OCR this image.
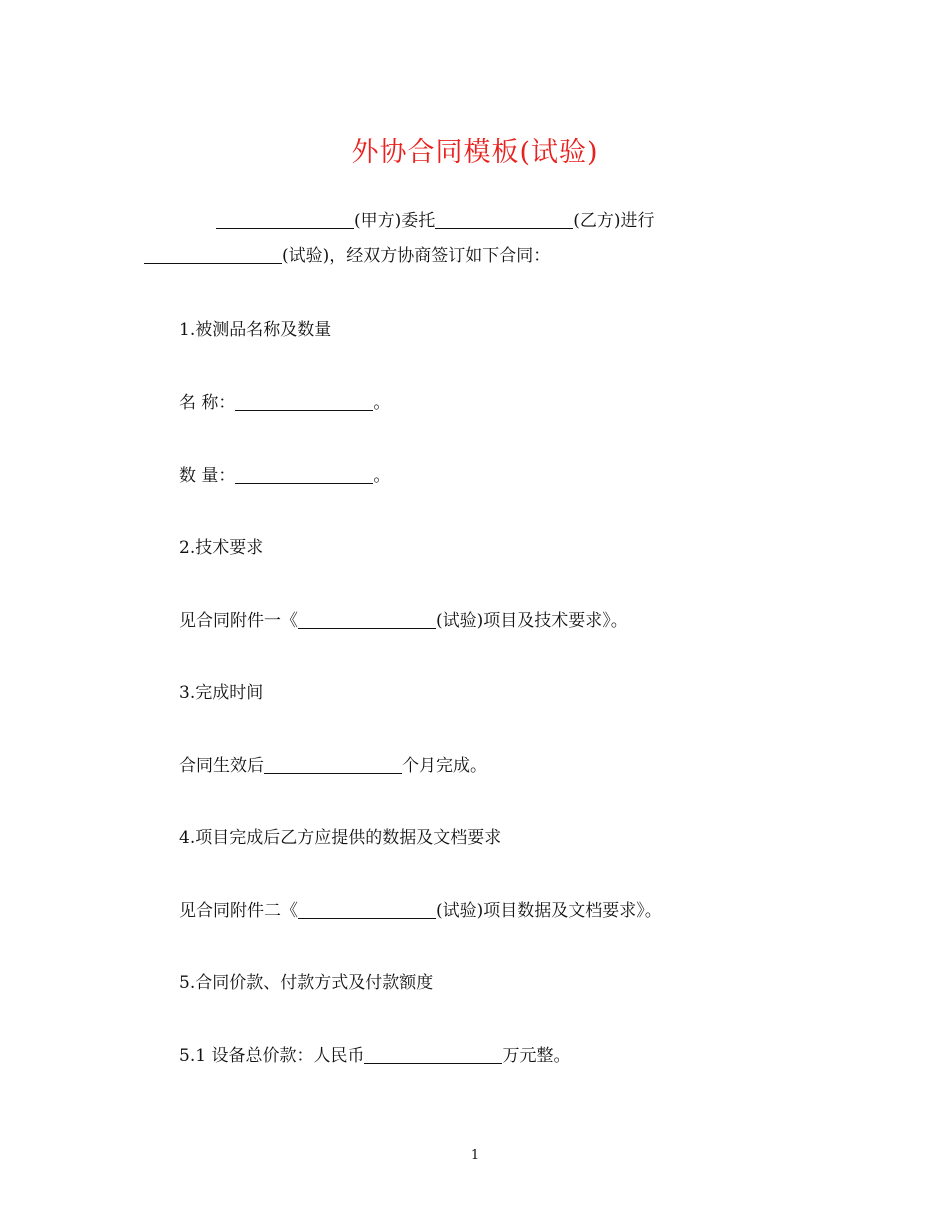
外协合同模板(试验)
(甲方)委托	(乙方)进行
(试验)，经双方协商签订如下合同：
1.被测品名称及数量
名 称：	。
数 量：	。
2.技术要求
见合同附件一《	(试验)项目及技术要求》。
3.完成时间
合同生效后	个月完成。
4.项目完成后乙方应提供的数据及文档要求
见合同附件二《	(试验)项目数据及文档要求》。
5.合同价款、付款方式及付款额度
5.1 设备总价款：人民币	万元整。
1
